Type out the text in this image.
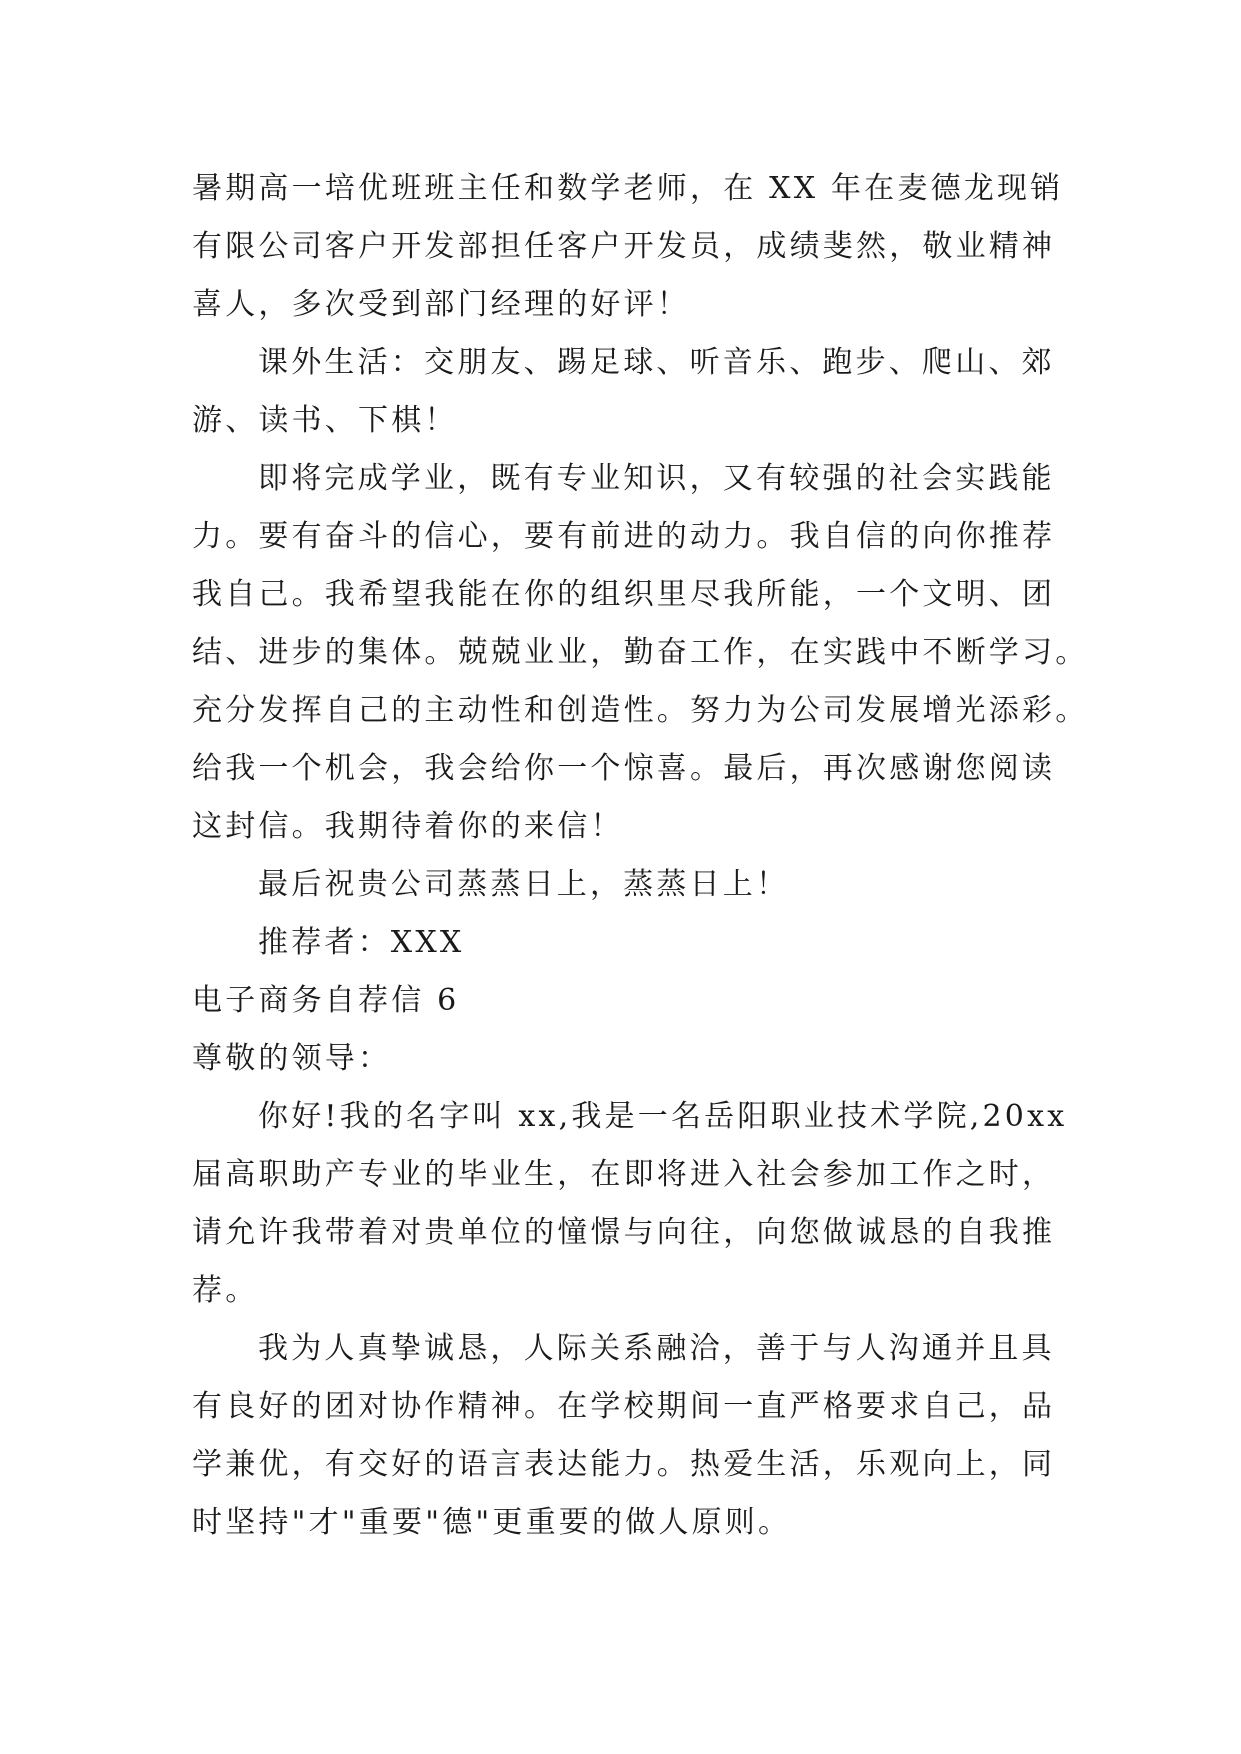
暑期高一培优班班主任和数学老师，在 XX 年在麦德龙现销
有限公司客户开发部担任客户开发员，成绩斐然，敬业精神
喜人，多次受到部门经理的好评！
课外生活：交朋友、踢足球、听音乐、跑步、爬山、郊
游、读书、下棋！
即将完成学业，既有专业知识，又有较强的社会实践能
力。要有奋斗的信心，要有前进的动力。我自信的向你推荐
我自己。我希望我能在你的组织里尽我所能，一个文明、团
结、进步的集体。兢兢业业，勤奋工作，在实践中不断学习。
充分发挥自己的主动性和创造性。努力为公司发展增光添彩。
给我一个机会，我会给你一个惊喜。最后，再次感谢您阅读
这封信。我期待着你的来信！
最后祝贵公司蒸蒸日上，蒸蒸日上！
推荐者：XXX
电子商务自荐信 6
尊敬的领导：
你好!我的名字叫 xx,我是一名岳阳职业技术学院,20xx
届高职助产专业的毕业生，在即将进入社会参加工作之时，
请允许我带着对贵单位的憧憬与向往，向您做诚恳的自我推
荐。
我为人真挚诚恳，人际关系融洽，善于与人沟通并且具
有良好的团对协作精神。在学校期间一直严格要求自己，品
学兼优，有交好的语言表达能力。热爱生活，乐观向上，同
时坚持"才"重要"德"更重要的做人原则。
